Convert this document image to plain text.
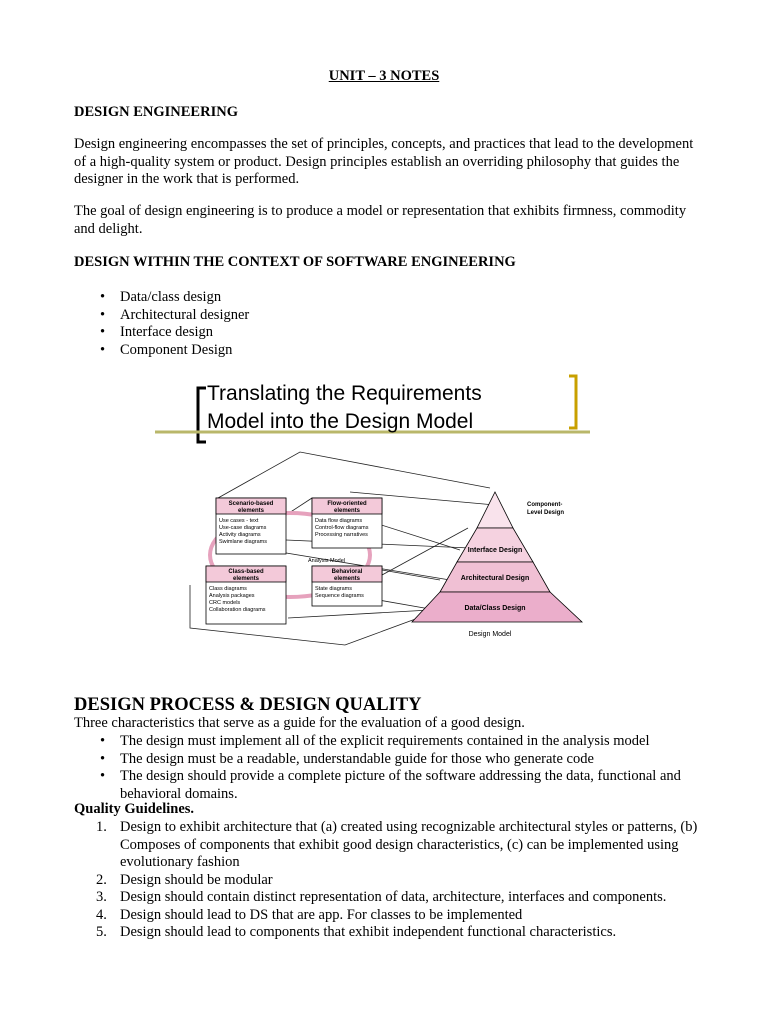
UNIT – 3 NOTES
DESIGN ENGINEERING
Design engineering encompasses the set of principles, concepts, and practices that lead to the development of a high-quality system or product. Design principles establish an overriding philosophy that guides the designer in the work that is performed.
The goal of design engineering is to produce a model or representation that exhibits firmness, commodity and delight.
DESIGN WITHIN THE CONTEXT OF SOFTWARE ENGINEERING
• Data/class design
• Architectural designer
• Interface design
• Component Design
Translating the Requirements
Model into the Design Model
Scenario-based
elements
Use cases - text
Use-case diagrams
Activity diagrams
Swimlane diagrams
Flow-oriented
elements
Data flow diagrams
Control-flow diagrams
Processing narratives
Class-based
elements
Class diagrams
Analysis packages
CRC models
Collaboration diagrams
Behavioral
elements
State diagrams
Sequence diagrams
Analysis Model
Component-
Level Design
Interface Design
Architectural Design
Data/Class Design
Design Model
DESIGN PROCESS & DESIGN QUALITY
Three characteristics that serve as a guide for the evaluation of a good design.
• The design must implement all of the explicit requirements contained in the analysis model
• The design must be a readable, understandable guide for those who generate code
• The design should provide a complete picture of the software addressing the data, functional and behavioral domains.
Quality Guidelines.
1. Design to exhibit architecture that (a) created using recognizable architectural styles or patterns, (b) Composes of components that exhibit good design characteristics, (c) can be implemented using evolutionary fashion
2. Design should be modular
3. Design should contain distinct representation of data, architecture, interfaces and components.
4. Design should lead to DS that are app. For classes to be implemented
5. Design should lead to components that exhibit independent functional characteristics.
